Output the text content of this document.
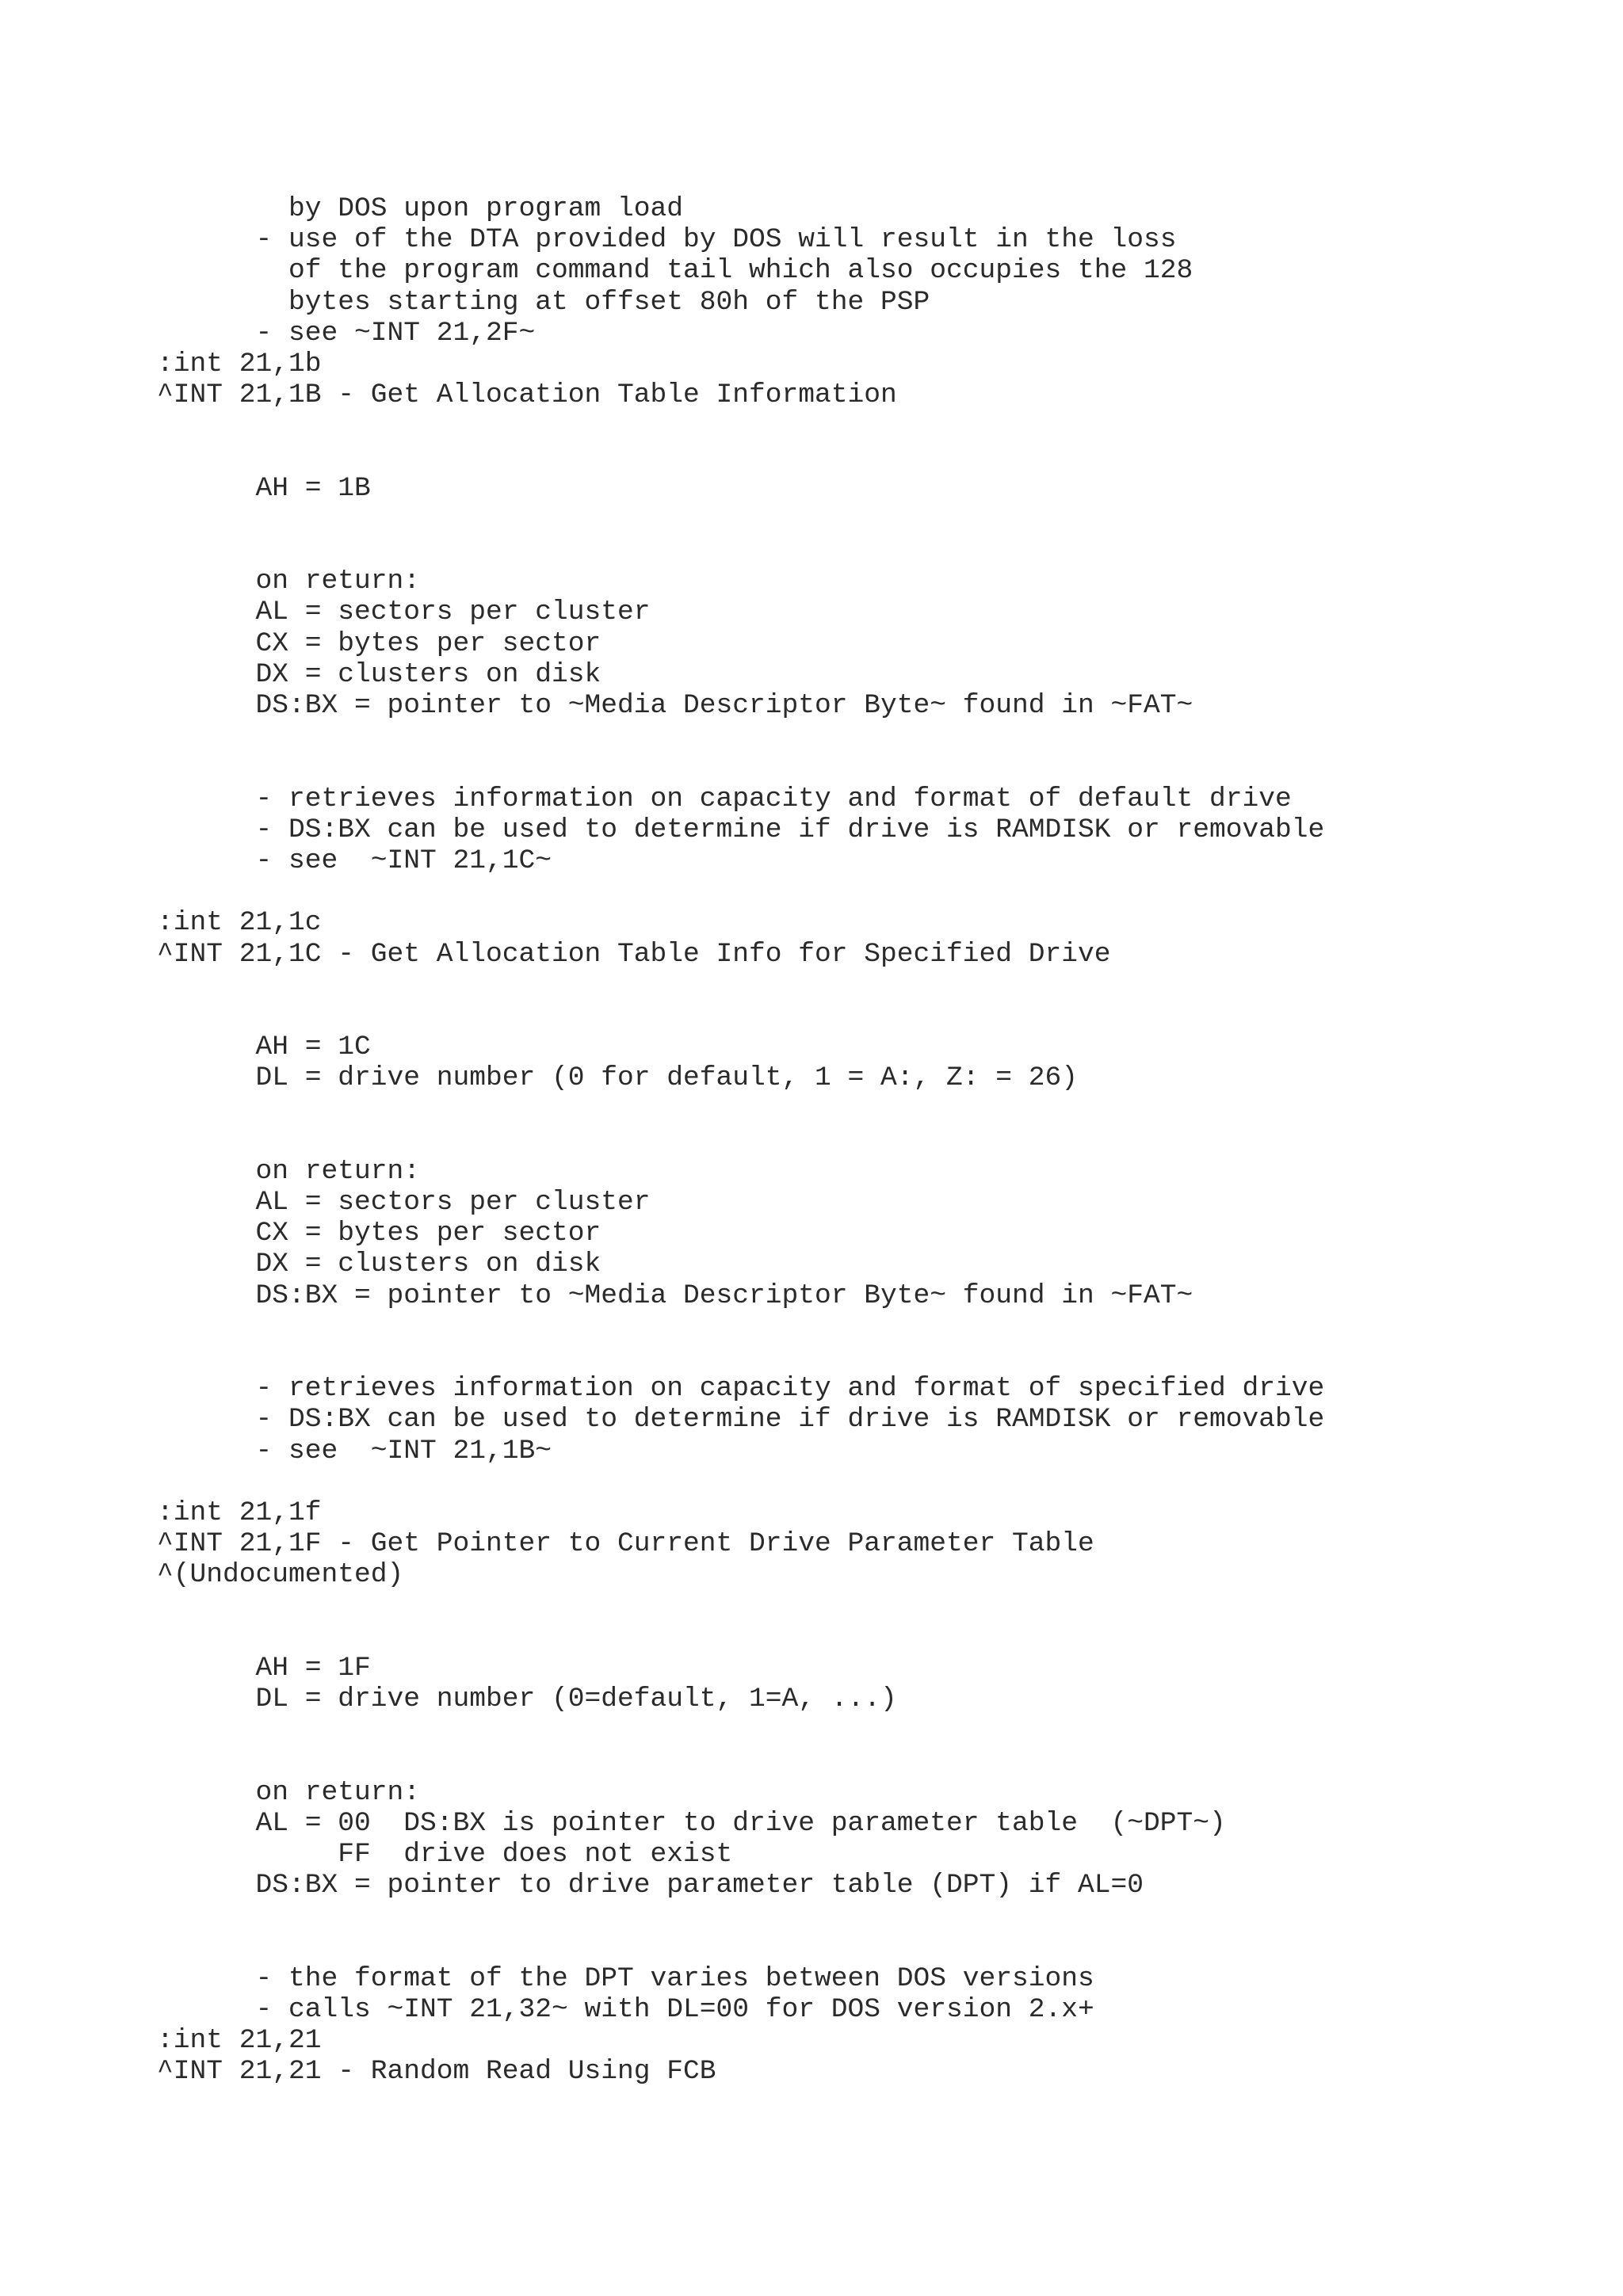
by DOS upon program load
- use of the DTA provided by DOS will result in the loss
of the program command tail which also occupies the 128
bytes starting at offset 80h of the PSP
- see ~INT 21,2F~
:int 21,1b
^INT 21,1B - Get Allocation Table Information
AH = 1B
on return:
AL = sectors per cluster
CX = bytes per sector
DX = clusters on disk
DS:BX = pointer to ~Media Descriptor Byte~ found in ~FAT~
- retrieves information on capacity and format of default drive
- DS:BX can be used to determine if drive is RAMDISK or removable
- see  ~INT 21,1C~
:int 21,1c
^INT 21,1C - Get Allocation Table Info for Specified Drive
AH = 1C
DL = drive number (0 for default, 1 = A:, Z: = 26)
on return:
AL = sectors per cluster
CX = bytes per sector
DX = clusters on disk
DS:BX = pointer to ~Media Descriptor Byte~ found in ~FAT~
- retrieves information on capacity and format of specified drive
- DS:BX can be used to determine if drive is RAMDISK or removable
- see  ~INT 21,1B~
:int 21,1f
^INT 21,1F - Get Pointer to Current Drive Parameter Table
^(Undocumented)
AH = 1F
DL = drive number (0=default, 1=A, ...)
on return:
AL = 00  DS:BX is pointer to drive parameter table  (~DPT~)
FF  drive does not exist
DS:BX = pointer to drive parameter table (DPT) if AL=0
- the format of the DPT varies between DOS versions
- calls ~INT 21,32~ with DL=00 for DOS version 2.x+
:int 21,21
^INT 21,21 - Random Read Using FCB
